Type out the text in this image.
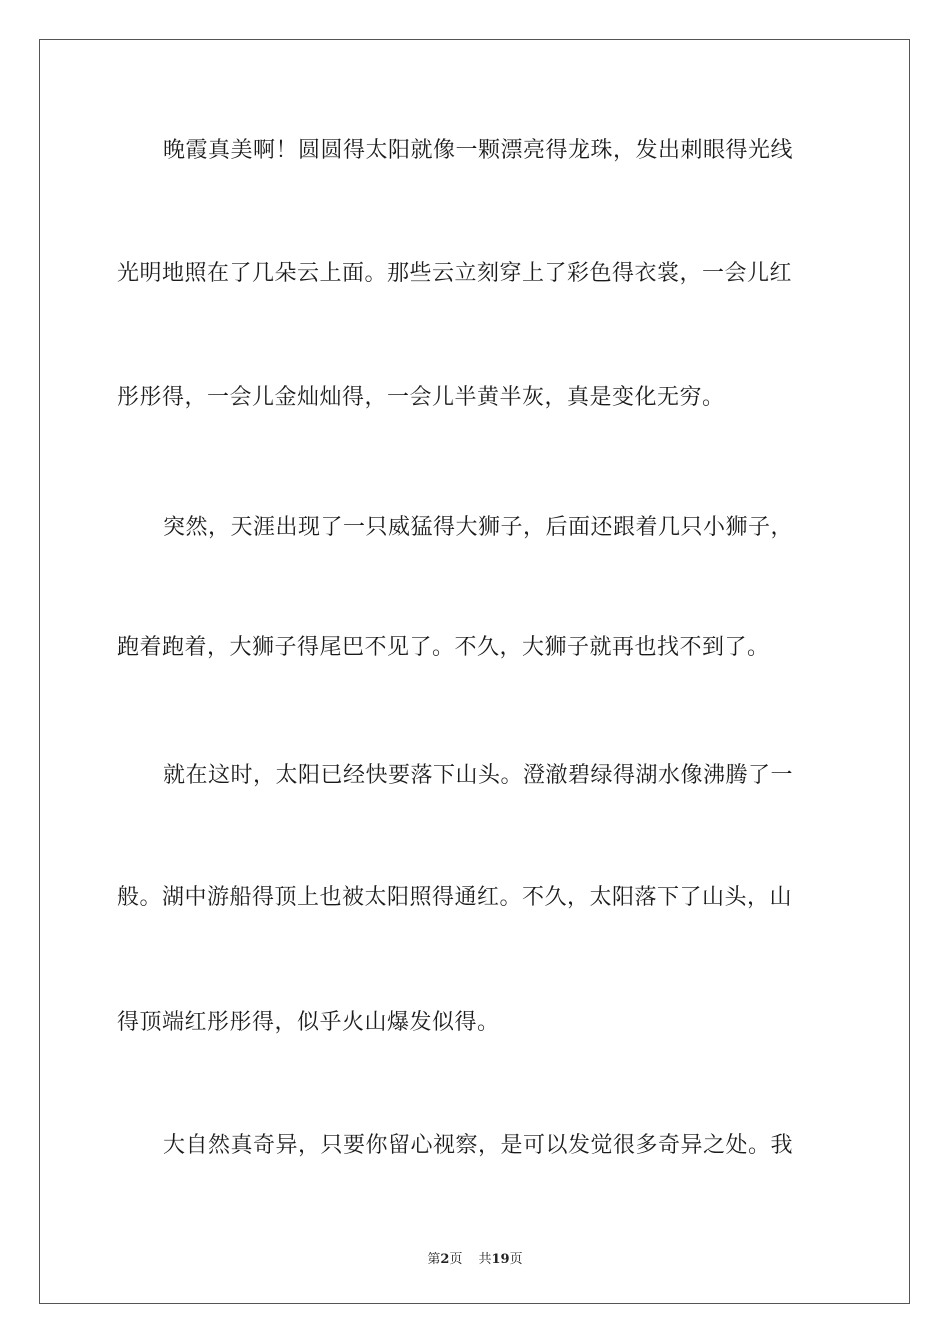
晚霞真美啊！圆圆得太阳就像一颗漂亮得龙珠，发出刺眼得光线
光明地照在了几朵云上面。那些云立刻穿上了彩色得衣裳，一会儿红
彤彤得，一会儿金灿灿得，一会儿半黄半灰，真是变化无穷。
突然，天涯出现了一只威猛得大狮子，后面还跟着几只小狮子，
跑着跑着，大狮子得尾巴不见了。不久，大狮子就再也找不到了。
就在这时，太阳已经快要落下山头。澄澈碧绿得湖水像沸腾了一
般。湖中游船得顶上也被太阳照得通红。不久，太阳落下了山头，山
得顶端红彤彤得，似乎火山爆发似得。
大自然真奇异，只要你留心视察，是可以发觉很多奇异之处。我
第2页 共19页
